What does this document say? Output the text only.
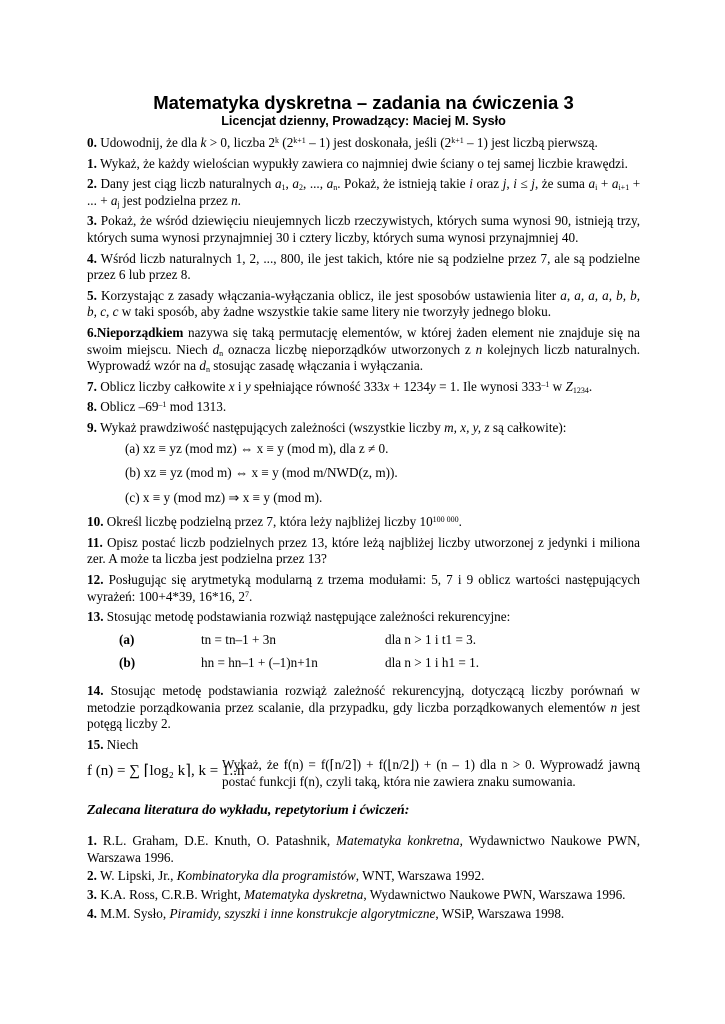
Matematyka dyskretna – zadania na ćwiczenia 3
Licencjat dzienny, Prowadzący: Maciej M. Sysło

0. Udowodnij, że dla k > 0, liczba 2$^k$ $(2^{k+1} - 1)$ jest doskonała, jeśli $(2^{k+1} - 1)$ jest liczbą pierwszą.

1. Wykaż, że każdy wielościan wypukły zawiera co najmniej dwie ściany o tej samej liczbie krawędzi.

2. Dany jest ciąg liczb naturalnych $a_1$, $a_2$, ..., $a_n$. Pokaż, że istnieją takie i oraz j, i ≤ j, że suma $a_i + a_{i+1}$ + ... + $a_j$ jest podzielna przez n.

3. Pokaż, że wśród dziewięciu nieujemnych liczb rzeczywistych, których suma wynosi 90, istnieją trzy, których suma wynosi przynajmniej 30 i cztery liczby, których suma wynosi przynajmniej 40.

4. Wśród liczb naturalnych 1, 2, ..., 800, ile jest takich, które nie są podzielne przez 7, ale są podzielne przez 6 lub przez 8.

5. Korzystając z zasady włączania-wyłączania oblicz, ile jest sposobów ustawienia liter a, a, a, a, b, b, b, c, c w taki sposób, aby żadne wszystkie takie same litery nie tworzyły jednego bloku.

6.Nieporządkiem nazywa się taką permutację elementów, w której żaden element nie znajduje się na swoim miejscu. Niech $d_n$ oznacza liczbę nieporządków utworzonych z n kolejnych liczb naturalnych. Wyprowadź wzór na $d_n$ stosując zasadę włączania i wyłączania.

7. Oblicz liczby całkowite x i y spełniające równość 333x + 1234y = 1. Ile wynosi $333^{-1}$ w $Z_{1234}$.

8. Oblicz $-69^{-1}$ mod 1313.

9. Wykaż prawdziwość następujących zależności (wszystkie liczby m, x, y, z są całkowite):

(a) xz ≡ yz (mod mz) ⇔ x ≡ y (mod m), dla z ≠ 0.
(b) xz ≡ yz (mod m) ⇔ x ≡ y (mod m/NWD(z, m)).
(c) x ≡ y (mod mz) ⇒ x ≡ y (mod m).

10. Określ liczbę podzielną przez 7, która leży najbliżej liczby $10^{100 000}$.

11. Opisz postać liczb podzielnych przez 13, które leżą najbliżej liczby utworzonej z jedynki i miliona zer. A może ta liczba jest podzielna przez 13?

12. Posługując się arytmetyką modularną z trzema modułami: 5, 7 i 9 oblicz wartości następujących wyrażeń: 100+4*39, 16*16, $2^7$.

13. Stosując metodę podstawiania rozwiąż następujące zależności rekurencyjne:

(a)	tn = tn–1 + 3n	dla n > 1 i t1 = 3.
(b)	hn = hn–1 + (–1)n+1n	dla n > 1 i h1 = 1.

14. Stosując metodę podstawiania rozwiąż zależność rekurencyjną, dotyczącą liczby porównań w metodzie porządkowania przez scalanie, dla przypadku, gdy liczba porządkowanych elementów n jest potęgą liczby 2.

15. Niech

f (n) = ∑ ⌈log₂ k⌉, k = 1..n
Wykaż, że f(n) = f(⌈n/2⌉) + f(⌊n/2⌋) + (n – 1) dla n > 0. Wyprowadź jawną postać funkcji f(n), czyli taką, która nie zawiera znaku sumowania.
Zalecana literatura do wykładu, repetytorium i ćwiczeń:

1. R.L. Graham, D.E. Knuth, O. Patashnik, Matematyka konkretna, Wydawnictwo Naukowe PWN, Warszawa 1996.

2. W. Lipski, Jr., Kombinatoryka dla programistów, WNT, Warszawa 1992.

3. K.A. Ross, C.R.B. Wright, Matematyka dyskretna, Wydawnictwo Naukowe PWN, Warszawa 1996.

4. M.M. Sysło, Piramidy, szyszki i inne konstrukcje algorytmiczne, WSiP, Warszawa 1998.
